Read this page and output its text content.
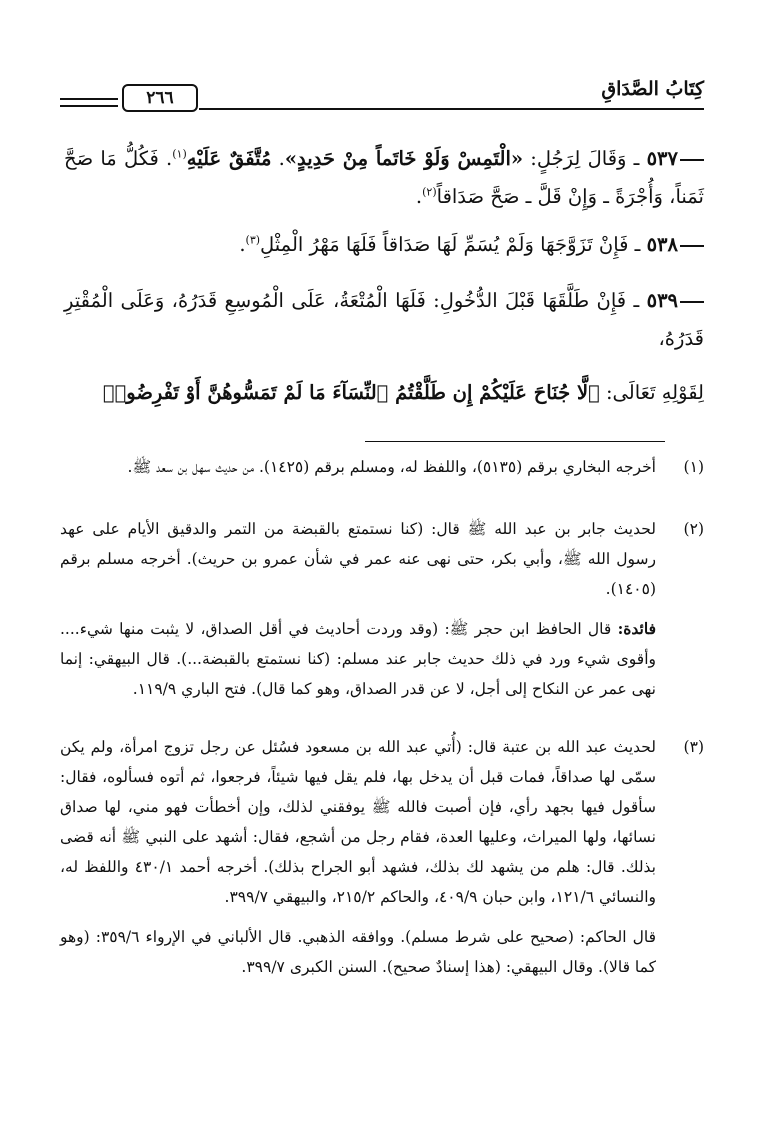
كِتَابُ الصَّدَاقِ
٢٦٦
٥٣٧ ـ وَقَالَ لِرَجُلٍ: «الْتَمِسْ وَلَوْ خَاتَماً مِنْ حَدِيدٍ». مُتَّفَقٌ عَلَيْهِ$^{(١)}$. فَكُلُّ مَا صَحَّ ثَمَناً، وَأُجْرَةً ـ وَإِنْ قَلَّ ـ صَحَّ صَدَاقاً$^{(٢)}$.
٥٣٨ ـ فَإِنْ تَزَوَّجَهَا وَلَمْ يُسَمِّ لَهَا صَدَاقاً فَلَهَا مَهْرُ الْمِثْلِ$^{(٣)}$.
٥٣٩ ـ فَإِنْ طَلَّقَهَا قَبْلَ الدُّخُولِ: فَلَهَا الْمُتْعَةُ، عَلَى الْمُوسِعِ قَدَرُهُ، وَعَلَى الْمُقْتِرِ قَدَرُهُ،
لِقَوْلِهِ تَعَالَى: ﴿لَّا جُنَاحَ عَلَيْكُمْ إِن طَلَّقْتُمُ ٱلنِّسَآءَ مَا لَمْ تَمَسُّوهُنَّ أَوْ تَفْرِضُوا۟
(١)
أخرجه البخاري برقم (٥١٣٥)، واللفظ له، ومسلم برقم (١٤٢٥). من حديث سهل بن سعد ﷺ.
(٢)
لحديث جابر بن عبد الله ﷺ قال: (كنا نستمتع بالقبضة من التمر والدقيق الأيام على عهد رسول الله ﷺ، وأبي بكر، حتى نهى عنه عمر في شأن عمرو بن حريث). أخرجه مسلم برقم (١٤٠٥).
فائدة: قال الحافظ ابن حجر ﷺ: (وقد وردت أحاديث في أقل الصداق، لا يثبت منها شيء.... وأقوى شيء ورد في ذلك حديث جابر عند مسلم: (كنا نستمتع بالقبضة...). قال البيهقي: إنما نهى عمر عن النكاح إلى أجل، لا عن قدر الصداق، وهو كما قال). فتح الباري ١١٩/٩.
(٣)
لحديث عبد الله بن عتبة قال: (أُتي عبد الله بن مسعود فسُئل عن رجل تزوج امرأة، ولم يكن سمّى لها صداقاً، فمات قبل أن يدخل بها، فلم يقل فيها شيئاً، فرجعوا، ثم أتوه فسألوه، فقال: سأقول فيها بجهد رأي، فإن أصبت فالله ﷺ يوفقني لذلك، وإن أخطأت فهو مني، لها صداق نسائها، ولها الميراث، وعليها العدة، فقام رجل من أشجع، فقال: أشهد على النبي ﷺ أنه قضى بذلك. قال: هلم من يشهد لك بذلك، فشهد أبو الجراح بذلك). أخرجه أحمد ٤٣٠/١ واللفظ له، والنسائي ١٢١/٦، وابن حبان ٤٠٩/٩، والحاكم ٢١٥/٢، والبيهقي ٣٩٩/٧.
قال الحاكم: (صحيح على شرط مسلم). ووافقه الذهبي. قال الألباني في الإرواء ٣٥٩/٦: (وهو كما قالا). وقال البيهقي: (هذا إسنادٌ صحيح). السنن الكبرى ٣٩٩/٧.
